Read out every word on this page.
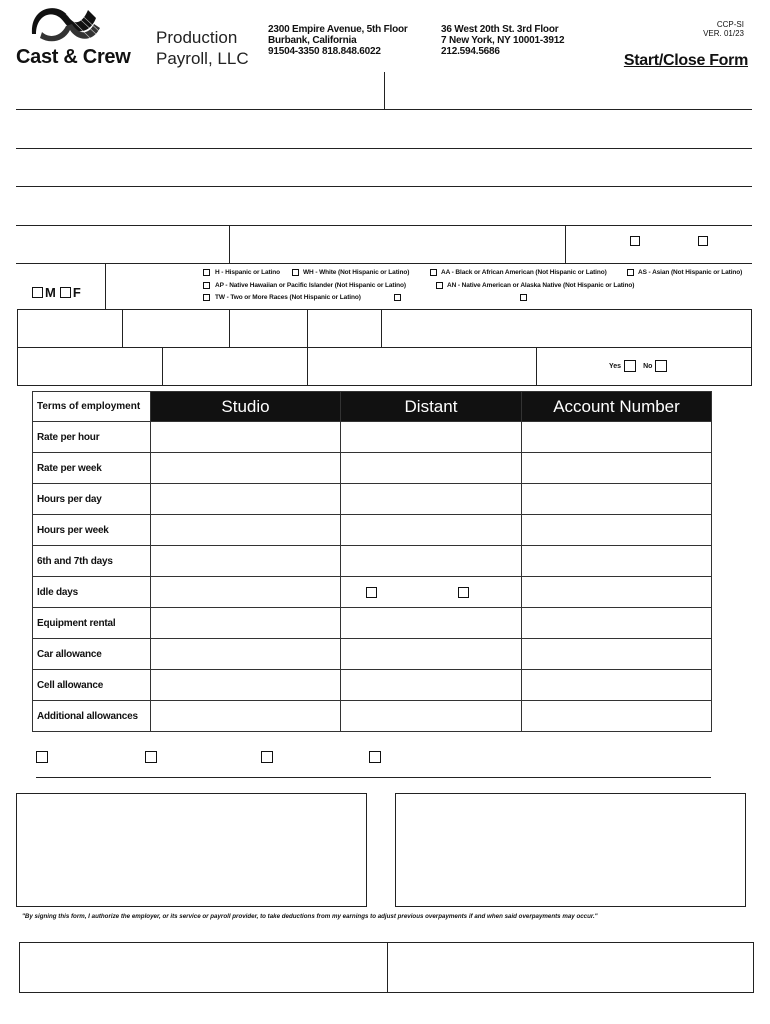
Cast & Crew
Production
Payroll, LLC
2300 Empire Avenue, 5th Floor
Burbank, California
91504-3350 818.848.6022
36 West 20th St. 3rd Floor
7 New York, NY 10001-3912
212.594.5686
CCP-SI
VER. 01/23
Start/Close Form
M F
H - Hispanic or Latino	WH - White (Not Hispanic or Latino)	AA - Black or African American (Not Hispanic or Latino)	AS - Asian (Not Hispanic or Latino)
AP - Native Hawaiian or Pacific Islander (Not Hispanic or Latino)	AN - Native American or Alaska Native (Not Hispanic or Latino)
TW - Two or More Races (Not Hispanic or Latino)
Yes	No
Terms of employment	Studio	Distant	Account Number
Rate per hour			
Rate per week			
Hours per day			
Hours per week			
6th and 7th days			
Idle days		

Equipment rental			
Car allowance			
Cell allowance			
Additional allowances			
"By signing this form, I authorize the employer, or its service or payroll provider, to take deductions from my earnings to adjust previous overpayments if and when said overpayments may occur."
